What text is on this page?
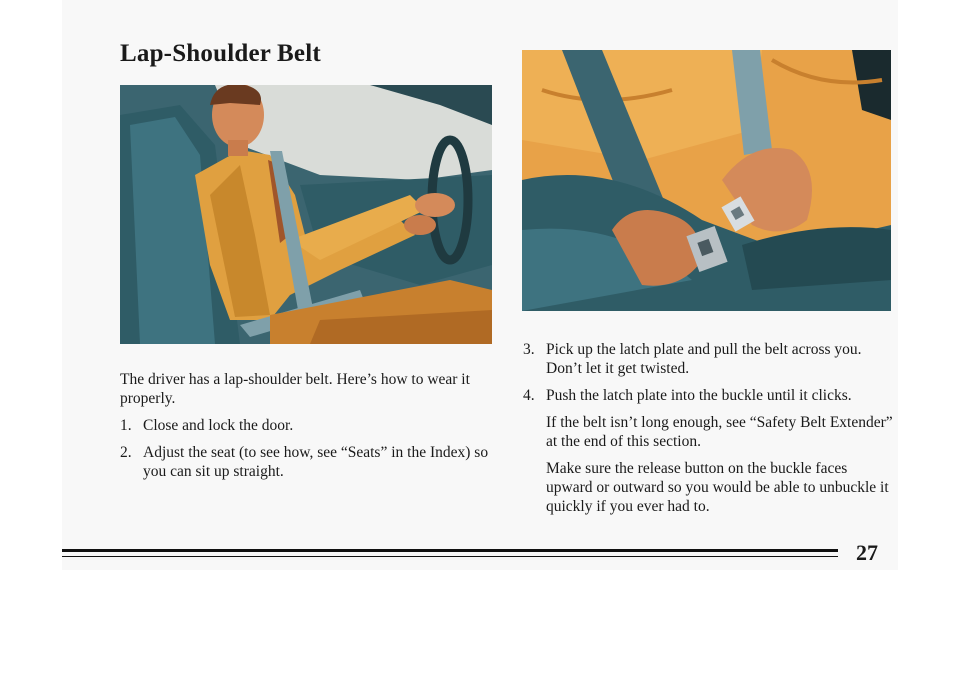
Lap-Shoulder Belt

The driver has a lap-shoulder belt. Here’s how to wear it properly.

1. Close and lock the door.
2. Adjust the seat (to see how, see “Seats” in the Index) so you can sit up straight.
3. Pick up the latch plate and pull the belt across you. Don’t let it get twisted.
4. Push the latch plate into the buckle until it clicks.

If the belt isn’t long enough, see “Safety Belt Extender” at the end of this section.

Make sure the release button on the buckle faces upward or outward so you would be able to unbuckle it quickly if you ever had to.

27
